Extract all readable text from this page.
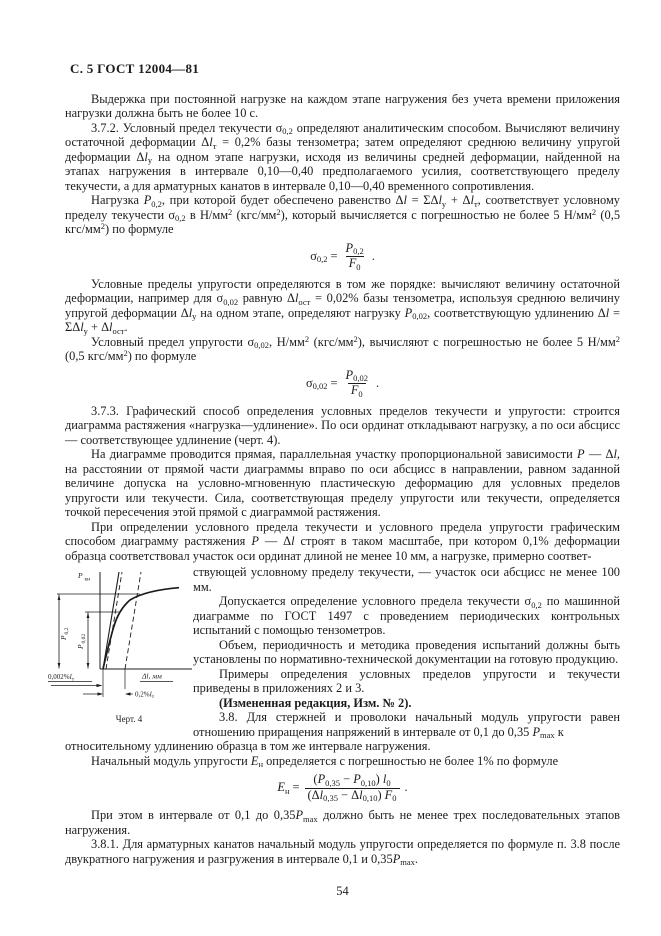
С. 5 ГОСТ 12004—81

Выдержка при постоянной нагрузке на каждом этапе нагружения без учета времени приложения нагрузки должна быть не более 10 с.

3.7.2. Условный предел текучести $\sigma_{0,2}$ определяют аналитическим способом. Вычисляют величину остаточной деформации $\Delta l_т = 0,2\%$ базы тензометра; затем определяют среднюю величину упругой деформации $\Delta l_у$ на одном этапе нагрузки, исходя из величины средней деформации, найденной на этапах нагружения в интервале 0,10—0,40 предполагаемого усилия, соответствующего пределу текучести, а для арматурных канатов в интервале 0,10—0,40 временного сопротивления.

Нагрузка $P_{0,2}$, при которой будет обеспечено равенство $\Delta l = \Sigma\Delta l_у + \Delta l_т$, соответствует условному пределу текучести $\sigma_{0,2}$ в $Н/мм^2$ $(кгс/мм^2)$, который вычисляется с погрешностью не более 5 $Н/мм^2$ (0,5 кгс/$мм^2$) по формуле

$\sigma_{0,2} = \frac{P_{0,2}}{F_0}$ .

Условные пределы упругости определяются в том же порядке: вычисляют величину остаточной деформации, например для $\sigma_{0,02}$ равную $\Delta l_{ост} = 0,02\%$ базы тензометра, используя среднюю величину упругой деформации $\Delta l_у$ на одном этапе, определяют нагрузку $P_{0,02}$, соответствующую удлинению $\Delta l = \Sigma\Delta l_у + \Delta l_{ост}$.

Условный предел упругости $\sigma_{0,02}$, $Н/мм^2$ $(кгс/мм^2)$, вычисляют с погрешностью не более 5 $Н/мм^2$ (0,5 кгс/$мм^2$) по формуле

$\sigma_{0,02} = \frac{P_{0,02}}{F_0}$ .

3.7.3. Графический способ определения условных пределов текучести и упругости: строится диаграмма растяжения «нагрузка—удлинение». По оси ординат откладывают нагрузку, а по оси абсцисс — соответствующее удлинение (черт. 4).

На диаграмме проводится прямая, параллельная участку пропорциональной зависимости P — Δl, на расстоянии от прямой части диаграммы вправо по оси абсцисс в направлении, равном заданной величине допуска на условно-мгновенную пластическую деформацию для условных пределов упругости или текучести. Сила, соответствующая пределу упругости или текучести, определяется точкой пересечения этой прямой с диаграммой растяжения.

При определении условного предела текучести и условного предела упругости графическим способом диаграмму растяжения P — Δl строят в таком масштабе, при котором 0,1% деформации образца соответствовал участок оси ординат длиной не менее 10 мм, а нагрузке, примерно соответ-

P кн
P
0,2
P
0,02
$0,002\%l_т$
$0,2\%l_т$
Δl, мм
Черт. 4

ствующей условному пределу текучести, — участок оси абсцисс не менее 100 мм.

Допускается определение условного предела текучести $\sigma_{0,2}$ по машинной диаграмме по ГОСТ 1497 с проведением периодических контрольных испытаний с помощью тензометров.

Объем, периодичность и методика проведения испытаний должны быть установлены по нормативно-технической документации на готовую продукцию.

Примеры определения условных пределов упругости и текучести приведены в приложениях 2 и 3.

(Измененная редакция, Изм. № 2).

3.8. Для стержней и проволоки начальный модуль упругости равен отношению приращения напряжений в интервале от 0,1 до 0,35 $P_{max}$ к

относительному удлинению образца в том же интервале нагружения.

Начальный модуль упругости $E_н$ определяется с погрешностью не более 1% по формуле

$E_н = \frac{(P_{0,35} - P_{0,10}) l_0}{(\Delta l_{0,35} - \Delta l_{0,10}) F_0}$ .

При этом в интервале от 0,1 до $0,35P_{max}$ должно быть не менее трех последовательных этапов нагружения.

3.8.1. Для арматурных канатов начальный модуль упругости определяется по формуле п. 3.8 после двукратного нагружения и разгружения в интервале 0,1 и $0,35P_{max}$.

54
